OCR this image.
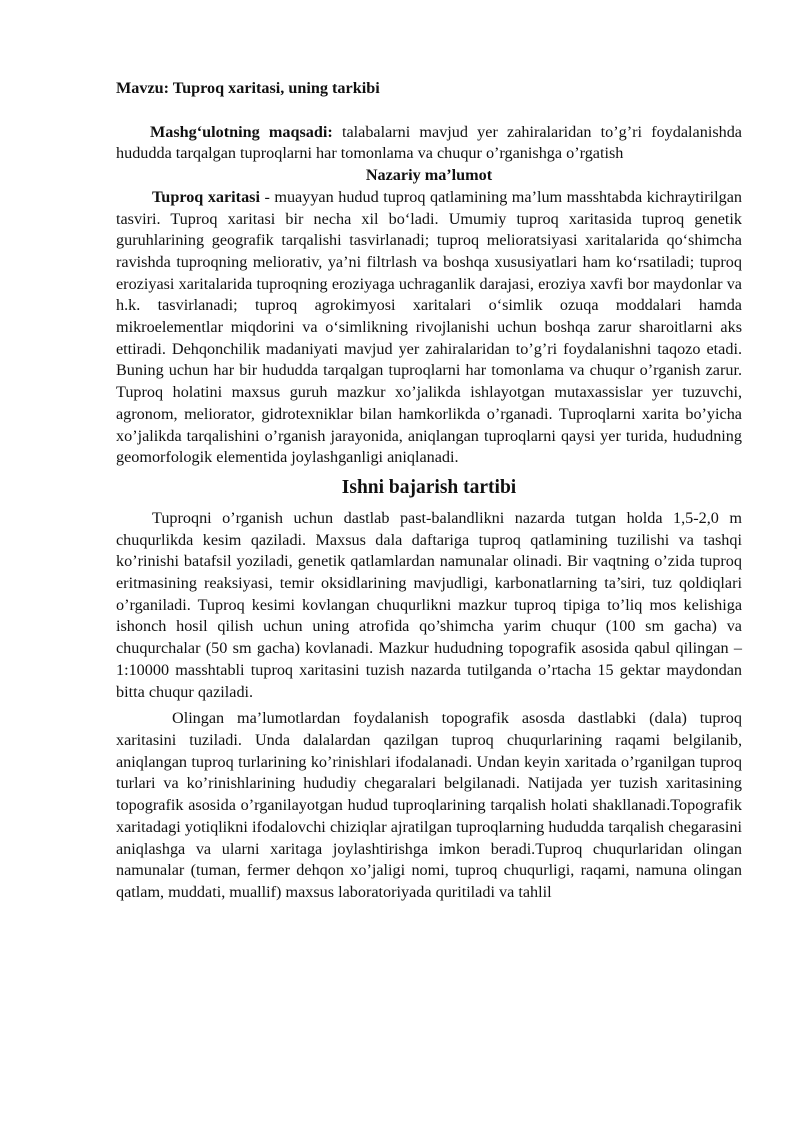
Mavzu: Tuproq xaritasi, uning tarkibi
Mashg‘ulotning maqsadi: talabalarni mavjud yer zahiralaridan to’g’ri foydalanishda hududda tarqalgan tuproqlarni har tomonlama va chuqur o’rganishga o’rgatish
Nazariy ma’lumot
Tuproq xaritasi - muayyan hudud tuproq qatlamining ma’lum masshtabda kichraytirilgan tasviri. Tuproq xaritasi bir necha xil bo‘ladi. Umumiy tuproq xaritasida tuproq genetik guruhlarining geografik tarqalishi tasvirlanadi; tuproq melioratsiyasi xaritalarida qo‘shimcha ravishda tuproqning meliorativ, ya’ni filtrlash va boshqa xususiyatlari ham ko‘rsatiladi; tuproq eroziyasi xaritalarida tuproqning eroziyaga uchraganlik darajasi, eroziya xavfi bor maydonlar va h.k. tasvirlanadi; tuproq agrokimyosi xaritalari o‘simlik ozuqa moddalari hamda mikroelementlar miqdorini va o‘simlikning rivojlanishi uchun boshqa zarur sharoitlarni aks ettiradi. Dehqonchilik madaniyati mavjud yer zahiralaridan to’g’ri foydalanishni taqozo etadi. Buning uchun har bir hududda tarqalgan tuproqlarni har tomonlama va chuqur o’rganish zarur. Tuproq holatini maxsus guruh mazkur xo’jalikda ishlayotgan mutaxassislar yer tuzuvchi, agronom, meliorator, gidrotexniklar bilan hamkorlikda o’rganadi. Tuproqlarni xarita bo’yicha xo’jalikda tarqalishini o’rganish jarayonida, aniqlangan tuproqlarni qaysi yer turida, hududning geomorfologik elementida joylashganligi aniqlanadi.
Ishni bajarish tartibi
Tuproqni o’rganish uchun dastlab past-balandlikni nazarda tutgan holda 1,5-2,0 m chuqurlikda kesim qaziladi. Maxsus dala daftariga tuproq qatlamining tuzilishi va tashqi ko’rinishi batafsil yoziladi, genetik qatlamlardan namunalar olinadi. Bir vaqtning o’zida tuproq eritmasining reaksiyasi, temir oksidlarining mavjudligi, karbonatlarning ta’siri, tuz qoldiqlari o’rganiladi. Tuproq kesimi kovlangan chuqurlikni mazkur tuproq tipiga to’liq mos kelishiga ishonch hosil qilish uchun uning atrofida qo’shimcha yarim chuqur (100 sm gacha) va chuqurchalar (50 sm gacha) kovlanadi. Mazkur hududning topografik asosida qabul qilingan – 1:10000 masshtabli tuproq xaritasini tuzish nazarda tutilganda o’rtacha 15 gektar maydondan bitta chuqur qaziladi.
Olingan ma’lumotlardan foydalanish topografik asosda dastlabki (dala) tuproq xaritasini tuziladi. Unda dalalardan qazilgan tuproq chuqurlarining raqami belgilanib, aniqlangan tuproq turlarining ko’rinishlari ifodalanadi. Undan keyin xaritada o’rganilgan tuproq turlari va ko’rinishlarining hududiy chegaralari belgilanadi. Natijada yer tuzish xaritasining topografik asosida o’rganilayotgan hudud tuproqlarining tarqalish holati shakllanadi.Topografik xaritadagi yotiqlikni ifodalovchi chiziqlar ajratilgan tuproqlarning hududda tarqalish chegarasini aniqlashga va ularni xaritaga joylashtirishga imkon beradi.Tuproq chuqurlaridan olingan namunalar (tuman, fermer dehqon xo’jaligi nomi, tuproq chuqurligi, raqami, namuna olingan qatlam, muddati, muallif) maxsus laboratoriyada quritiladi va tahlil
